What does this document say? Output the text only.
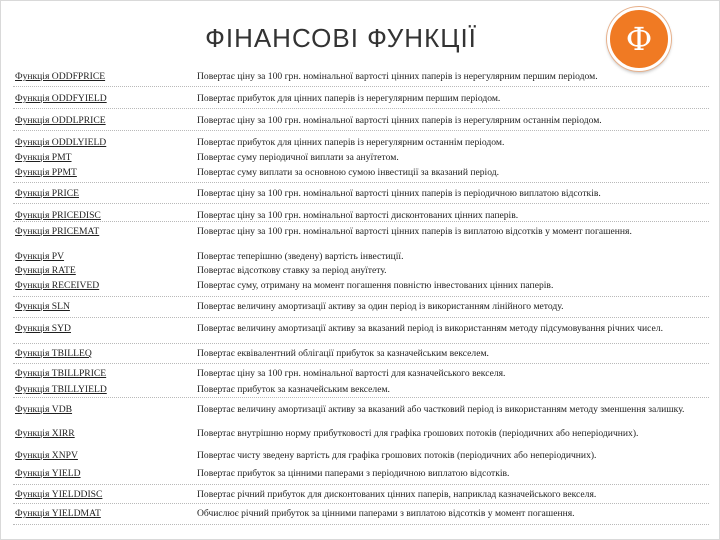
ФІНАНСОВІ ФУНКЦІЇ	Ф
Функція ODDFPRICE	Повертає ціну за 100 грн. номінальної вартості цінних паперів із нерегулярним першим періодом.
Функція ODDFYIELD	Повертає прибуток для цінних паперів із нерегулярним першим періодом.
Функція ODDLPRICE	Повертає ціну за 100 грн. номінальної вартості цінних паперів із нерегулярним останнім періодом.
Функція ODDLYIELD	Повертає прибуток для цінних паперів із нерегулярним останнім періодом.
Функція PMT	Повертає суму періодичної виплати за ануїтетом.
Функція PPMT	Повертає суму виплати за основною сумою інвестиції за вказаний період.
Функція PRICE	Повертає ціну за 100 грн. номінальної вартості цінних паперів із періодичною виплатою відсотків.
Функція PRICEDISC	Повертає ціну за 100 грн. номінальної вартості дисконтованих цінних паперів.
Функція PRICEMAT	Повертає ціну за 100 грн. номінальної вартості цінних паперів із виплатою відсотків у момент погашення.
Функція PV	Повертає теперішню (зведену) вартість інвестиції.
Функція RATE	Повертає відсоткову ставку за період ануїтету.
Функція RECEIVED	Повертає суму, отриману на момент погашення повністю інвестованих цінних паперів.
Функція SLN	Повертає величину амортизації активу за один період із використанням лінійного методу.
Функція SYD	Повертає величину амортизації активу за вказаний період із використанням методу підсумовування річних чисел.
Функція TBILLEQ	Повертає еквівалентний облігації прибуток за казначейським векселем.
Функція TBILLPRICE	Повертає ціну за 100 грн. номінальної вартості для казначейського векселя.
Функція TBILLYIELD	Повертає прибуток за казначейським векселем.
Функція VDB	Повертає величину амортизації активу за вказаний або частковий період із використанням методу зменшення залишку.
Функція XIRR	Повертає внутрішню норму прибутковості для графіка грошових потоків (періодичних або неперіодичних).
Функція XNPV	Повертає чисту зведену вартість для графіка грошових потоків (періодичних або неперіодичних).
Функція YIELD	Повертає прибуток за цінними паперами з періодичною виплатою відсотків.
Функція YIELDDISC	Повертає річний прибуток для дисконтованих цінних паперів, наприклад казначейського векселя.
Функція YIELDMAT	Обчислює річний прибуток за цінними паперами з виплатою відсотків у момент погашення.
